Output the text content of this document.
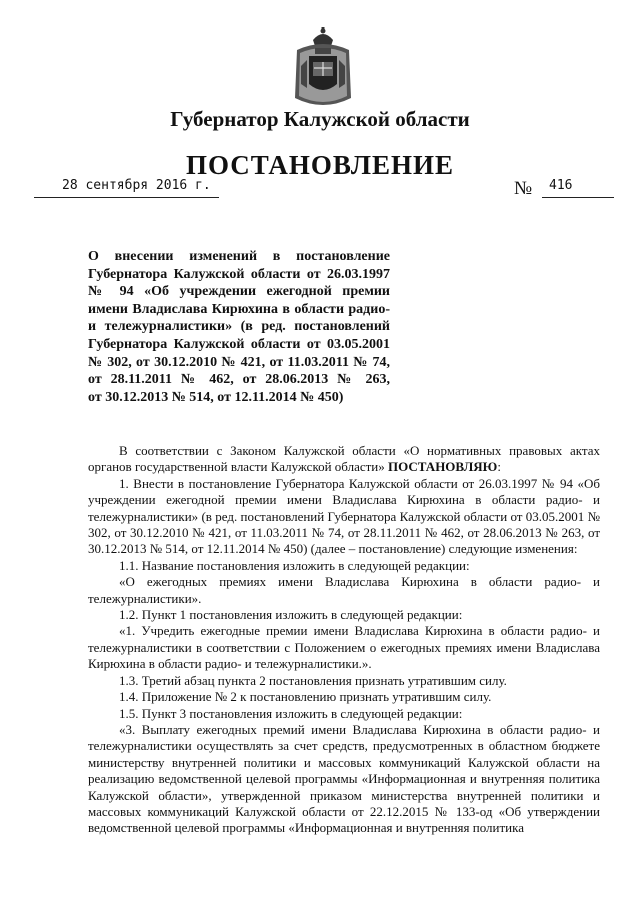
Губернатор Калужской области
ПОСТАНОВЛЕНИЕ
28 сентября 2016 г.	№ 416
О внесении изменений в постановление
Губернатора Калужской области от 26.03.1997
№ 94 «Об учреждении ежегодной премии
имени Владислава Кирюхина в области радио-
и тележурналистики» (в ред. постановлений
Губернатора Калужской области от 03.05.2001
№ 302, от 30.12.2010 № 421, от 11.03.2011 № 74,
от 28.11.2011 № 462, от 28.06.2013 № 263,
от 30.12.2013 № 514, от 12.11.2014 № 450)

В соответствии с Законом Калужской области «О нормативных правовых актах органов государственной власти Калужской области» ПОСТАНОВЛЯЮ:

1. Внести в постановление Губернатора Калужской области от 26.03.1997 № 94 «Об учреждении ежегодной премии имени Владислава Кирюхина в области радио- и тележурналистики» (в ред. постановлений Губернатора Калужской области от 03.05.2001 № 302, от 30.12.2010 № 421, от 11.03.2011 № 74, от 28.11.2011 № 462, от 28.06.2013 № 263, от 30.12.2013 № 514, от 12.11.2014 № 450) (далее – постановление) следующие изменения:

1.1. Название постановления изложить в следующей редакции:

«О ежегодных премиях имени Владислава Кирюхина в области радио- и тележурналистики».

1.2. Пункт 1 постановления изложить в следующей редакции:

«1. Учредить ежегодные премии имени Владислава Кирюхина в области радио- и тележурналистики в соответствии с Положением о ежегодных премиях имени Владислава Кирюхина в области радио- и тележурналистики.».

1.3. Третий абзац пункта 2 постановления признать утратившим силу.

1.4. Приложение № 2 к постановлению признать утратившим силу.

1.5. Пункт 3 постановления изложить в следующей редакции:

«3. Выплату ежегодных премий имени Владислава Кирюхина в области радио- и тележурналистики осуществлять за счет средств, предусмотренных в областном бюджете министерству внутренней политики и массовых коммуникаций Калужской области на реализацию ведомственной целевой программы «Информационная и внутренняя политика Калужской области», утвержденной приказом министерства внутренней политики и массовых коммуникаций Калужской области от 22.12.2015 № 133-од «Об утверждении ведомственной целевой программы «Информационная и внутренняя политика
